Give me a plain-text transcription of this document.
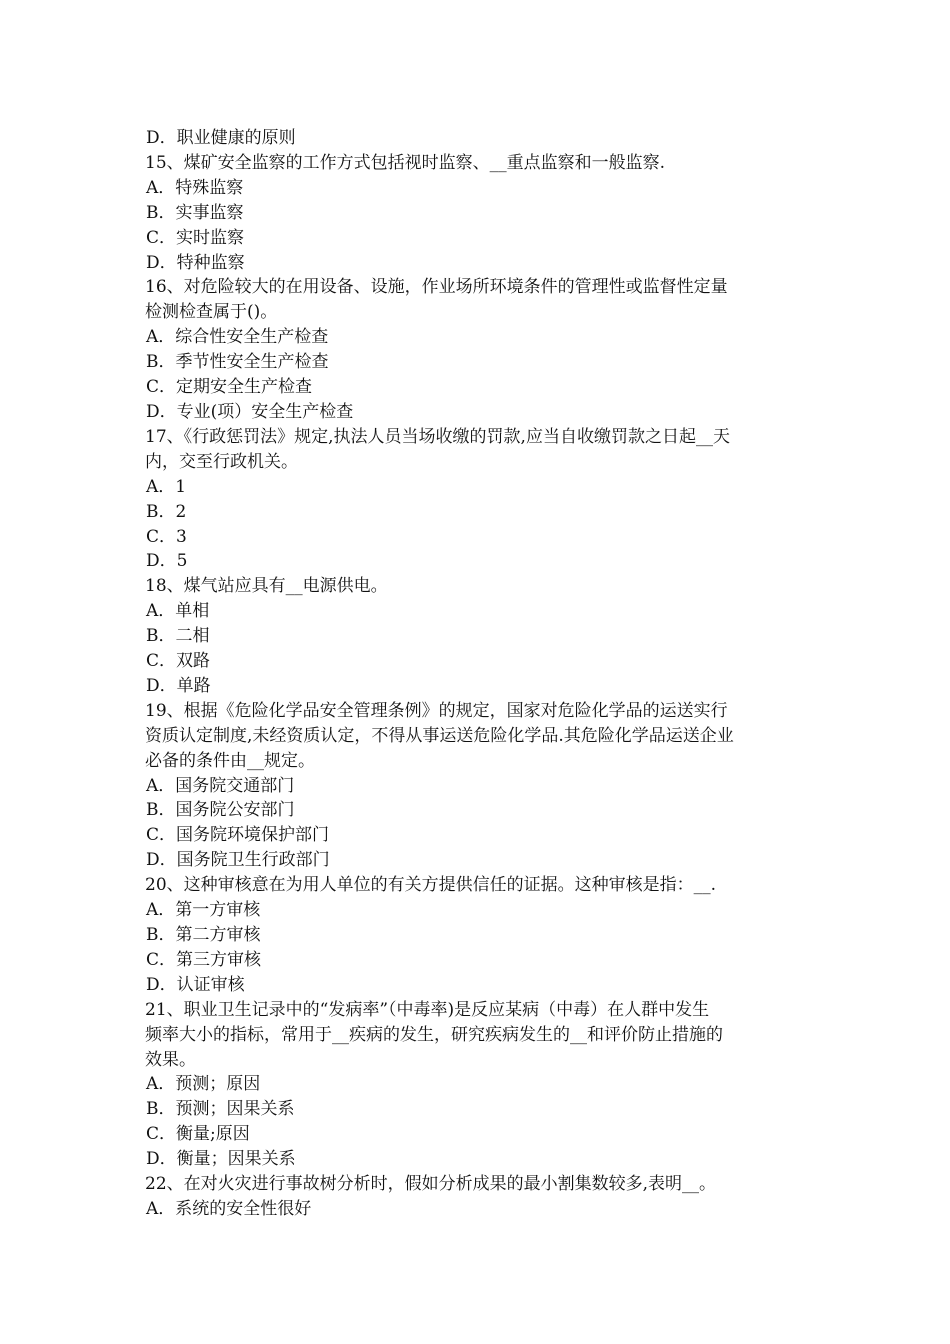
D．职业健康的原则
15、煤矿安全监察的工作方式包括视时监察、__重点监察和一般监察.
A．特殊监察
B．实事监察
C．实时监察
D．特种监察
16、对危险较大的在用设备、设施，作业场所环境条件的管理性或监督性定量
检测检查属于()。
A．综合性安全生产检查
B．季节性安全生产检查
C．定期安全生产检查
D．专业(项）安全生产检查
17、《行政惩罚法》规定,执法人员当场收缴的罚款,应当自收缴罚款之日起__天
内，交至行政机关。
A．1
B．2
C．3
D．5
18、煤气站应具有__电源供电。
A．单相
B．二相
C．双路
D．单路
19、根据《危险化学品安全管理条例》的规定，国家对危险化学品的运送实行
资质认定制度,未经资质认定，不得从事运送危险化学品.其危险化学品运送企业
必备的条件由__规定。
A．国务院交通部门
B．国务院公安部门
C．国务院环境保护部门
D．国务院卫生行政部门
20、这种审核意在为用人单位的有关方提供信任的证据。这种审核是指：__.
A．第一方审核
B．第二方审核
C．第三方审核
D．认证审核
21、职业卫生记录中的“发病率”（中毒率)是反应某病（中毒）在人群中发生
频率大小的指标，常用于__疾病的发生，研究疾病发生的__和评价防止措施的
效果。
A．预测；原因
B．预测；因果关系
C．衡量;原因
D．衡量；因果关系
22、在对火灾进行事故树分析时，假如分析成果的最小割集数较多,表明__。
A．系统的安全性很好
